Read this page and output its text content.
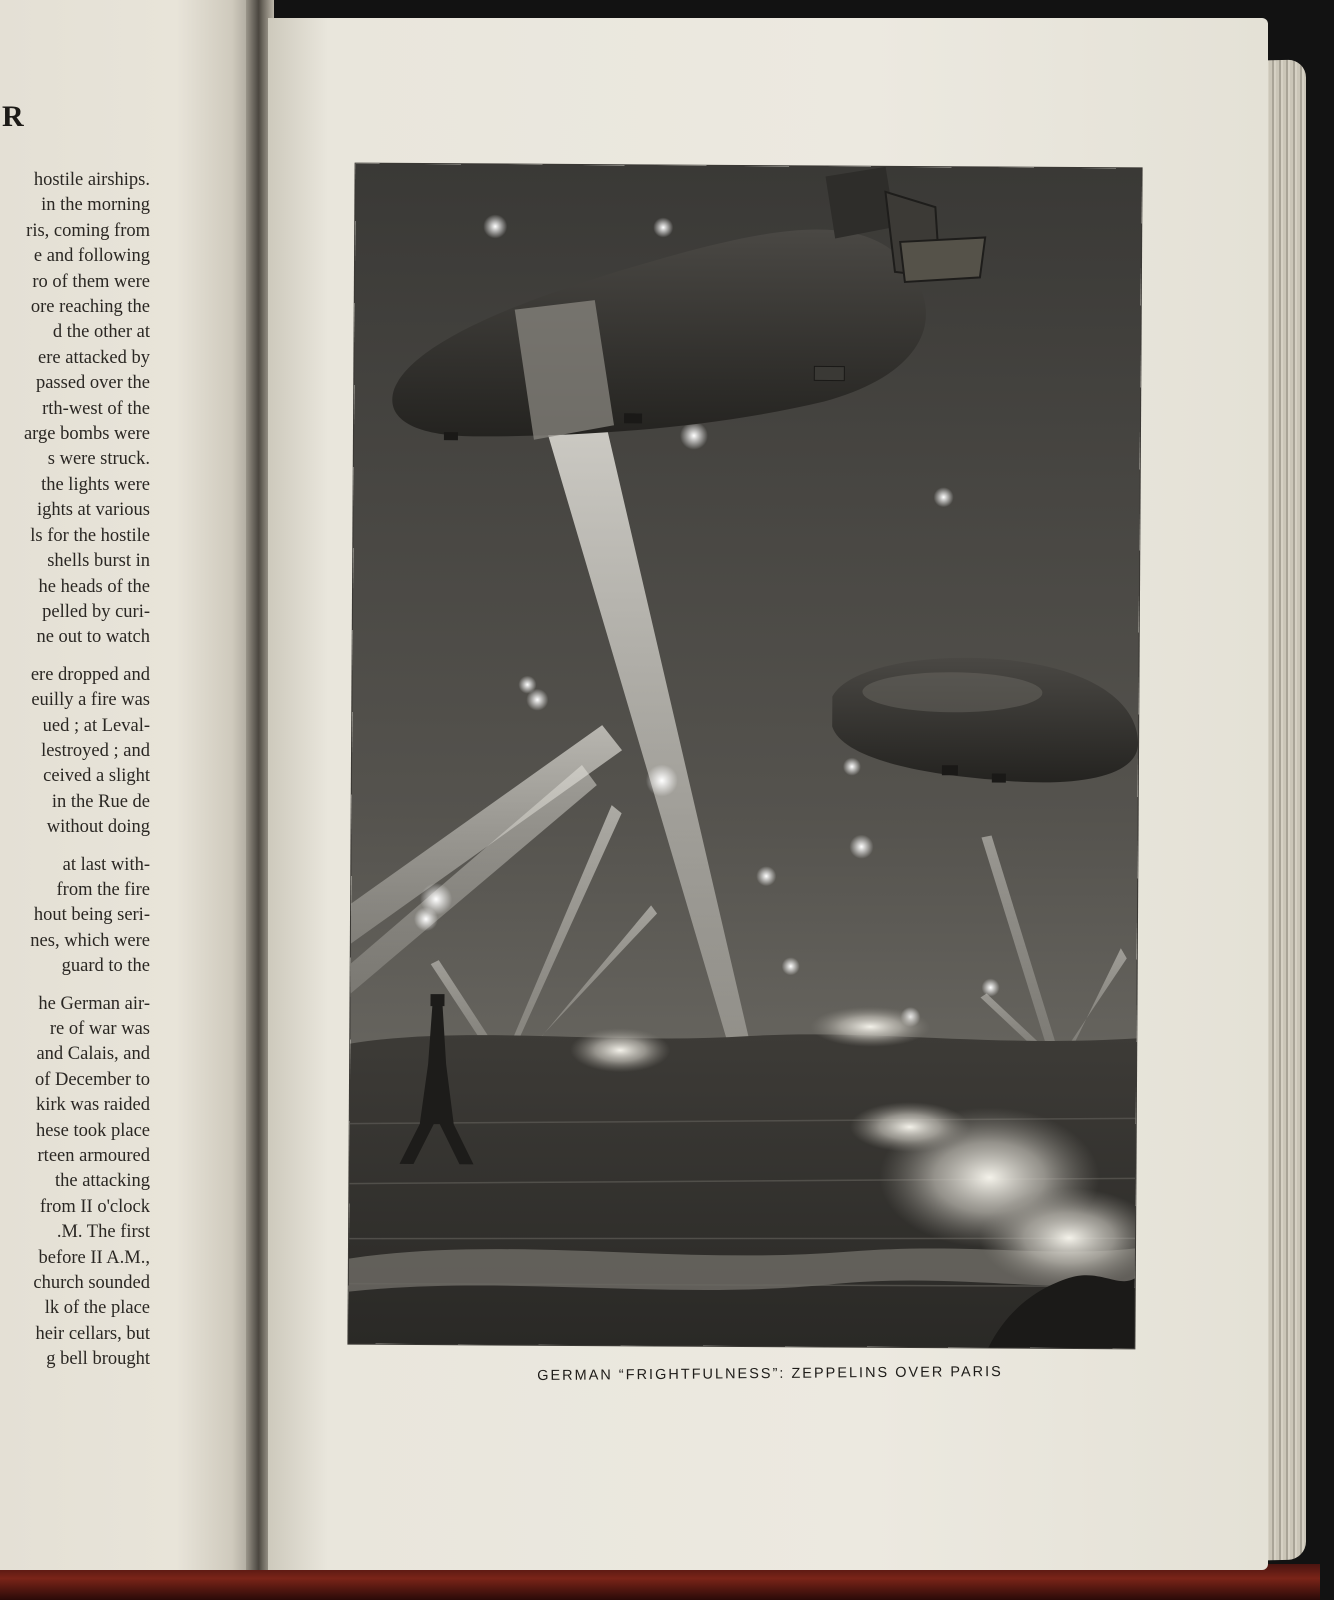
R
hostile airships.
in the morning
ris, coming from
e and following
ro of them were
ore reaching the
d the other at
ere attacked by
passed over the
rth-west of the
arge bombs were
s were struck.
the lights were
ights at various
ls for the hostile
shells burst in
he heads of the
pelled by curi-
ne out to watch
ere dropped and
euilly a fire was
ued ; at Leval-
lestroyed ; and
ceived a slight
in the Rue de
without doing
at last with-
from the fire
hout being seri-
nes, which were
guard to the
he German air-
re of war was
and Calais, and
of December to
kirk was raided
hese took place
rteen armoured
the attacking
from II o'clock
.M. The first
before II A.M.,
church sounded
lk of the place
heir cellars, but
g bell brought
GERMAN “FRIGHTFULNESS”: ZEPPELINS OVER PARIS
